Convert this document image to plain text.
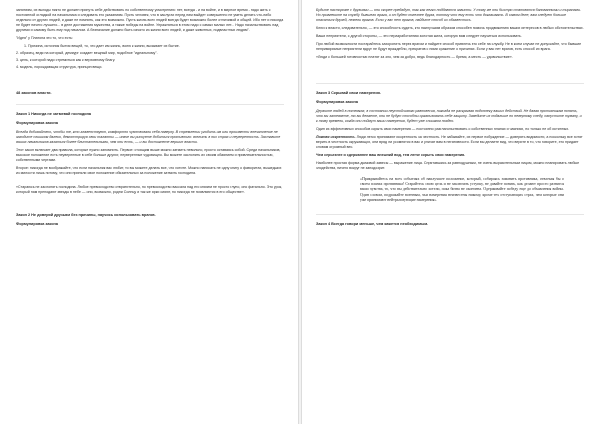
занятиям, их выгоды никто не должен принуть себе действовать по собственному усмотрению: нет, всегда - и на войне, и в мирное время - надо жить с постоянной оглядкой на начальника и следовать его указаниям. Пусть человек, что в заслугах перед ним выйдет совершенно не уметь делать что-либо отдельно от других людей, и даже не помнить, как это возможно. Пусть жизнь всех людей всегда будет возможно более отличимой и общей. Ибо нет и никогда не будет ничего лучшего... в деле достижения мужества, а также победы на войне. Упражняться в этом надо с самых малых лет... Надо начальствовать над другими и самому быть ему под началом. А безначалие должно быть изъято из жизни всех людей, и даже животных, подвластных людям".

"Идея" у Платона это то, что есть:

1. Причина, источник бытия вещей, то, что дает им жизнь, волю к жизни, вызывает их бытие.
2. образец, ведя на который, демиург создает вещный мир, подобное "идеальному".
3. цель, к которой надо стремиться как к верховному благу.
4. модель, порождающая структура, принцип вещи.
48 законов власти.
Закон 1 Никогда не затмевай господина
Формулировка закона

Всегда добивайтесь, чтобы те, кто главенствуют, комфортно чувствовали себя наверху. В стремлении угодить им или произвести впечатление не заходите слишком далеко, демонстрируя свои таланты — иначе вы рискуете добиться противного: вселить в них страх и неуверенность. Заставьте ваших начальников казаться более блистательными, чем они есть, — и вы достигнете вершин власти.

Этот закон включает два правила, которые нужно запомнить. Первое: стоящим выше можно затмить невольно, просто оставаясь собой. Среди начальников, высокое положение есть неуверенные в себе больше других; неуверенные чудовищно. Вы можете заслонить их своим обаянием и привлекательностью, собственными чертами.

Второе: никогда не воображайте, что если начальник вас любит, то вы можете делать все, что хотите. Можно написать не одну книгу о фаворитах, вышедших из милости лишь потому, что они приняли свое положение обязательных за положение затмить господина.

«Стараюсь не заслонять господина. Любое превосходство отвратительно, но превосходство вассала над его князем не просто глупо, оно фатально. Это урок, который нам преподают звезды в небе — они, возможно, родни Солнцу и так же ярки сияют, но никогда не появляются в его обществе».

Закон 2 Не доверяй друзьям без причины, научись использовать врагов.
Формулировка закона

Будьте настороже с друзьями — они скорее предадут, так как легко поддаются зависти. У тому же они быстро становятся балованными и тиранами. Но привлеките на службу бывшего врага, и он будет полезнее друга, потому что ему есть что доказывать. В самом деле, вам следует больше опасаться друзей, нежели врагов. Если у вас нет врагов, найдите способ их обзавестись.

Ключ к власти, следовательно, — это способность судить, кто наилучшим образом способен помочь продвижению ваших интересов в любых обстоятельствах.

Ваши неприятели, с другой стороны, — это неразработанная золотая жила, которую вам следует научиться использовать.

При любой возможности постарайтесь захоронить нерез врагом и найдите способ привлечь его себе на службу. Не в коем случае не допускайте, что бывшие непримиримые неприятели вдруг не будут враждебно, прекратив с ними сражение о причинах. Если у вас нет врагов, есть способ их врага.

«Люди с большей готовностью платят за зло, чем за добро, ведь благодарность — бремя, а месть — удовольствие».

Закон 3 Скрывай свои намерения.
Формулировка закона

Держите людей в потемках, в состоянии неустойчивого равновесия, никогда не раскрывая подоплеку ваших действий. Не давая противникам понять, что вы затеваете, то вы делаете, они не будут способны организовать себе защиту. Заведите их подальше по неверному следу, напустите туману, и к тому времени, когда они поймут ваши намерения, будет уже слишком поздно.

Один из эффективных способов скрыть свои намерения — постоянно разглагольствовать о собственных планах и чаяниях, но только не об истинных.

Ложная искренность. Люди легко принимают искренность за честность. Не забывайте, их первое побуждение — доверять видимости, а поскольку все хотят верить в честность окружающих, они вряд ли усомнятся в вас и уличат вам в негативности. Если вы делаете вид, что верите в то, что говорите, это придает словам огромный вес.

Чем серьезнее и сдержаннее ваш внешний вид, тем легче скрыть свои намерения.

Наиболее простая форма дымовой завесы — выражение лица. Спрятавшись за равнодушным, не очень выразительным лицом, можно планировать любые злодейства, ничего вокруг не заподозрит.

«Прикрывайтесь на всех событиях об наилучшее положение, который, собираясь заманить противника, отвлекая бы о своем планах противника! Старайтесь свою цель и не заключать уступку, не давайте понять, как делают просто разнятся ваши чувства, то, что вы действительно хотели, пока битва не окончена. Одерживайте победу еще до объявления войны. Один словом, подражайте военным, чьи намерения неизвестны никому, кроме тех отступающих страх, чем которые они уже принимают нейтрализующие намерения».
Закон 4 Всегда говори меньше, чем кажется необходимым.
